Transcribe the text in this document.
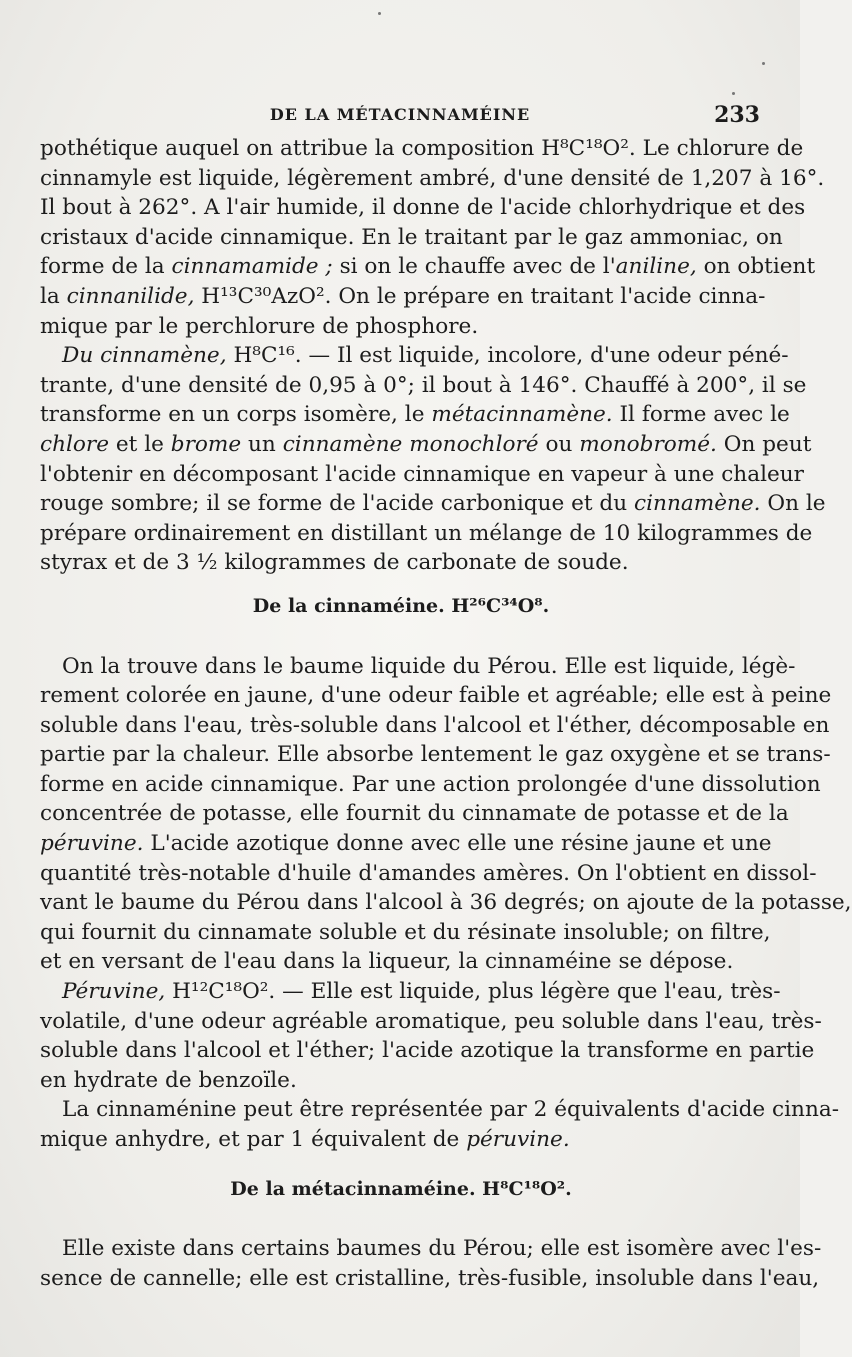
DE LA MÉTACINNAMÉINE	233
pothétique auquel on attribue la composition H⁸C¹⁸O². Le chlorure de
cinnamyle est liquide, légèrement ambré, d'une densité de 1,207 à 16°.
Il bout à 262°. A l'air humide, il donne de l'acide chlorhydrique et des
cristaux d'acide cinnamique. En le traitant par le gaz ammoniac, on
forme de la cinnamamide ; si on le chauffe avec de l'aniline, on obtient
la cinnanilide, H¹³C³⁰AzO². On le prépare en traitant l'acide cinna-
mique par le perchlorure de phosphore.
Du cinnamène, H⁸C¹⁶. — Il est liquide, incolore, d'une odeur péné-
trante, d'une densité de 0,95 à 0°; il bout à 146°. Chauffé à 200°, il se
transforme en un corps isomère, le métacinnamène. Il forme avec le
chlore et le brome un cinnamène monochloré ou monobromé. On peut
l'obtenir en décomposant l'acide cinnamique en vapeur à une chaleur
rouge sombre; il se forme de l'acide carbonique et du cinnamène. On le
prépare ordinairement en distillant un mélange de 10 kilogrammes de
styrax et de 3 ½ kilogrammes de carbonate de soude.
De la cinnaméine. H²⁶C³⁴O⁸.
On la trouve dans le baume liquide du Pérou. Elle est liquide, légè-
rement colorée en jaune, d'une odeur faible et agréable; elle est à peine
soluble dans l'eau, très-soluble dans l'alcool et l'éther, décomposable en
partie par la chaleur. Elle absorbe lentement le gaz oxygène et se trans-
forme en acide cinnamique. Par une action prolongée d'une dissolution
concentrée de potasse, elle fournit du cinnamate de potasse et de la
péruvine. L'acide azotique donne avec elle une résine jaune et une
quantité très-notable d'huile d'amandes amères. On l'obtient en dissol-
vant le baume du Pérou dans l'alcool à 36 degrés; on ajoute de la potasse,
qui fournit du cinnamate soluble et du résinate insoluble; on filtre,
et en versant de l'eau dans la liqueur, la cinnaméine se dépose.
Péruvine, H¹²C¹⁸O². — Elle est liquide, plus légère que l'eau, très-
volatile, d'une odeur agréable aromatique, peu soluble dans l'eau, très-
soluble dans l'alcool et l'éther; l'acide azotique la transforme en partie
en hydrate de benzoïle.
La cinnaménine peut être représentée par 2 équivalents d'acide cinna-
mique anhydre, et par 1 équivalent de péruvine.
De la métacinnaméine. H⁸C¹⁸O².
Elle existe dans certains baumes du Pérou; elle est isomère avec l'es-
sence de cannelle; elle est cristalline, très-fusible, insoluble dans l'eau,
